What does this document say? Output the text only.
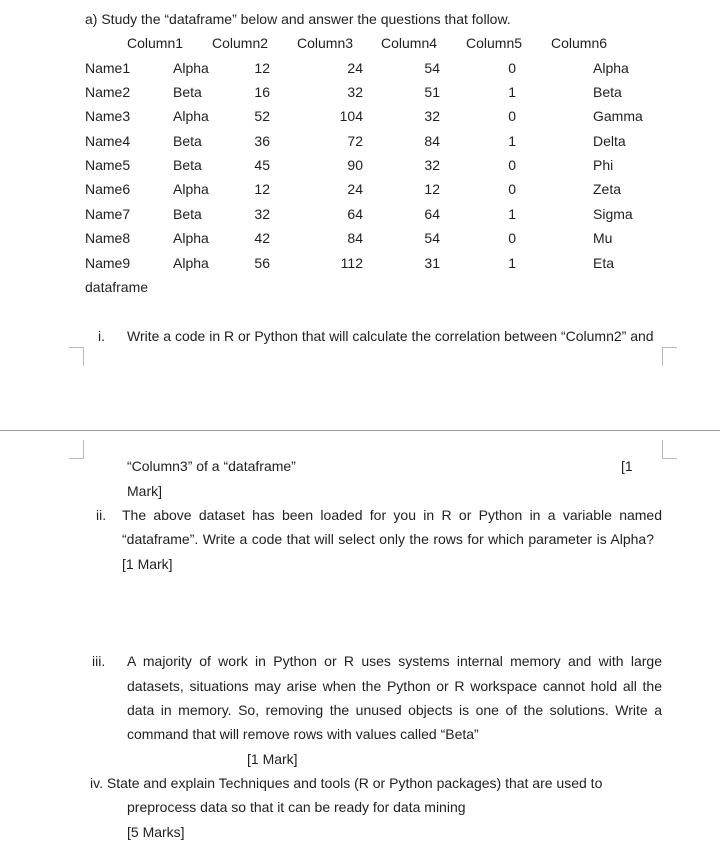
a) Study the “dataframe” below and answer the questions that follow.
Column1 Column2 Column3 Column4 Column5 Column6
Name1	Alpha	12	24	54	0	Alpha
Name2	Beta	16	32	51	1	Beta
Name3	Alpha	52	104	32	0	Gamma
Name4	Beta	36	72	84	1	Delta
Name5	Beta	45	90	32	0	Phi
Name6	Alpha	12	24	12	0	Zeta
Name7	Beta	32	64	64	1	Sigma
Name8	Alpha	42	84	54	0	Mu
Name9	Alpha	56	112	31	1	Eta
dataframe
i. Write a code in R or Python that will calculate the correlation between “Column2” and
“Column3” of a “dataframe”	[1
Mark]
ii. The above dataset has been loaded for you in R or Python in a variable named
“dataframe”. Write a code that will select only the rows for which parameter is Alpha?
[1 Mark]
iii. A majority of work in Python or R uses systems internal memory and with large
datasets, situations may arise when the Python or R workspace cannot hold all the
data in memory. So, removing the unused objects is one of the solutions. Write a
command that will remove rows with values called “Beta”
[1 Mark]
iv. State and explain Techniques and tools (R or Python packages) that are used to
preprocess data so that it can be ready for data mining
[5 Marks]
